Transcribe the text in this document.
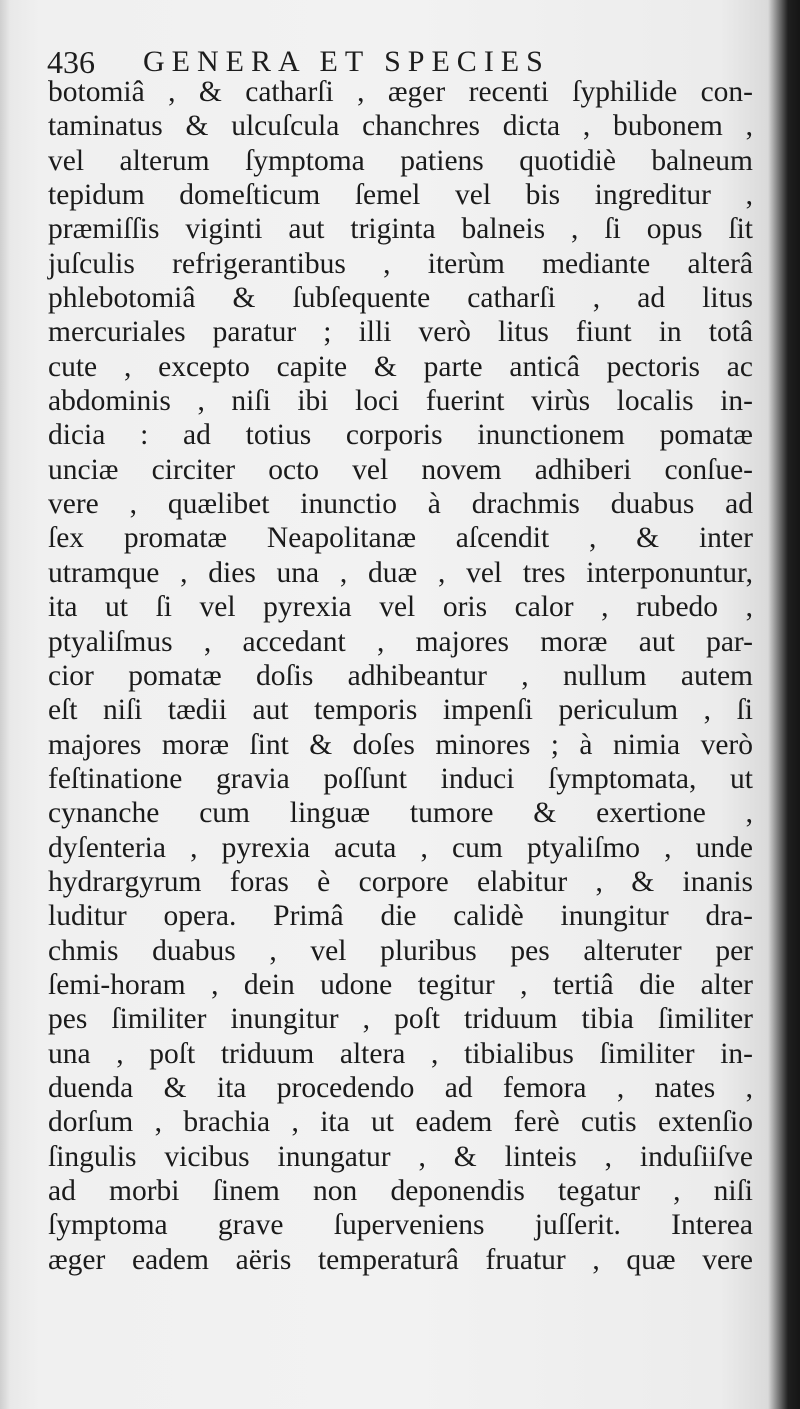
436 GENERA ET SPECIES
botomiâ , & catharſi , æger recenti ſyphilide con-
taminatus & ulcuſcula chanchres dicta , bubonem ,
vel alterum ſymptoma patiens quotidiè balneum
tepidum domeſticum ſemel vel bis ingreditur ,
præmiſſis viginti aut triginta balneis , ſi opus ſit
juſculis refrigerantibus , iterùm mediante alterâ
phlebotomiâ & ſubſequente catharſi , ad litus
mercuriales paratur ; illi verò litus fiunt in totâ
cute , excepto capite & parte anticâ pectoris ac
abdominis , niſi ibi loci fuerint virùs localis in-
dicia : ad totius corporis inunctionem pomatæ
unciæ circiter octo vel novem adhiberi conſue-
vere , quælibet inunctio à drachmis duabus ad
ſex promatæ Neapolitanæ aſcendit , & inter
utramque , dies una , duæ , vel tres interponuntur,
ita ut ſi vel pyrexia vel oris calor , rubedo ,
ptyaliſmus , accedant , majores moræ aut par-
cior pomatæ doſis adhibeantur , nullum autem
eſt niſi tædii aut temporis impenſi periculum , ſi
majores moræ ſint & doſes minores ; à nimia verò
feſtinatione gravia poſſunt induci ſymptomata, ut
cynanche cum linguæ tumore & exertione ,
dyſenteria , pyrexia acuta , cum ptyaliſmo , unde
hydrargyrum foras è corpore elabitur , & inanis
luditur opera. Primâ die calidè inungitur dra-
chmis duabus , vel pluribus pes alteruter per
ſemi-horam , dein udone tegitur , tertiâ die alter
pes ſimiliter inungitur , poſt triduum tibia ſimiliter
una , poſt triduum altera , tibialibus ſimiliter in-
duenda & ita procedendo ad femora , nates ,
dorſum , brachia , ita ut eadem ferè cutis extenſio
ſingulis vicibus inungatur , & linteis , induſiiſve
ad morbi ſinem non deponendis tegatur , niſi
ſymptoma grave ſuperveniens juſſerit. Interea
æger eadem aëris temperaturâ fruatur , quæ vere
